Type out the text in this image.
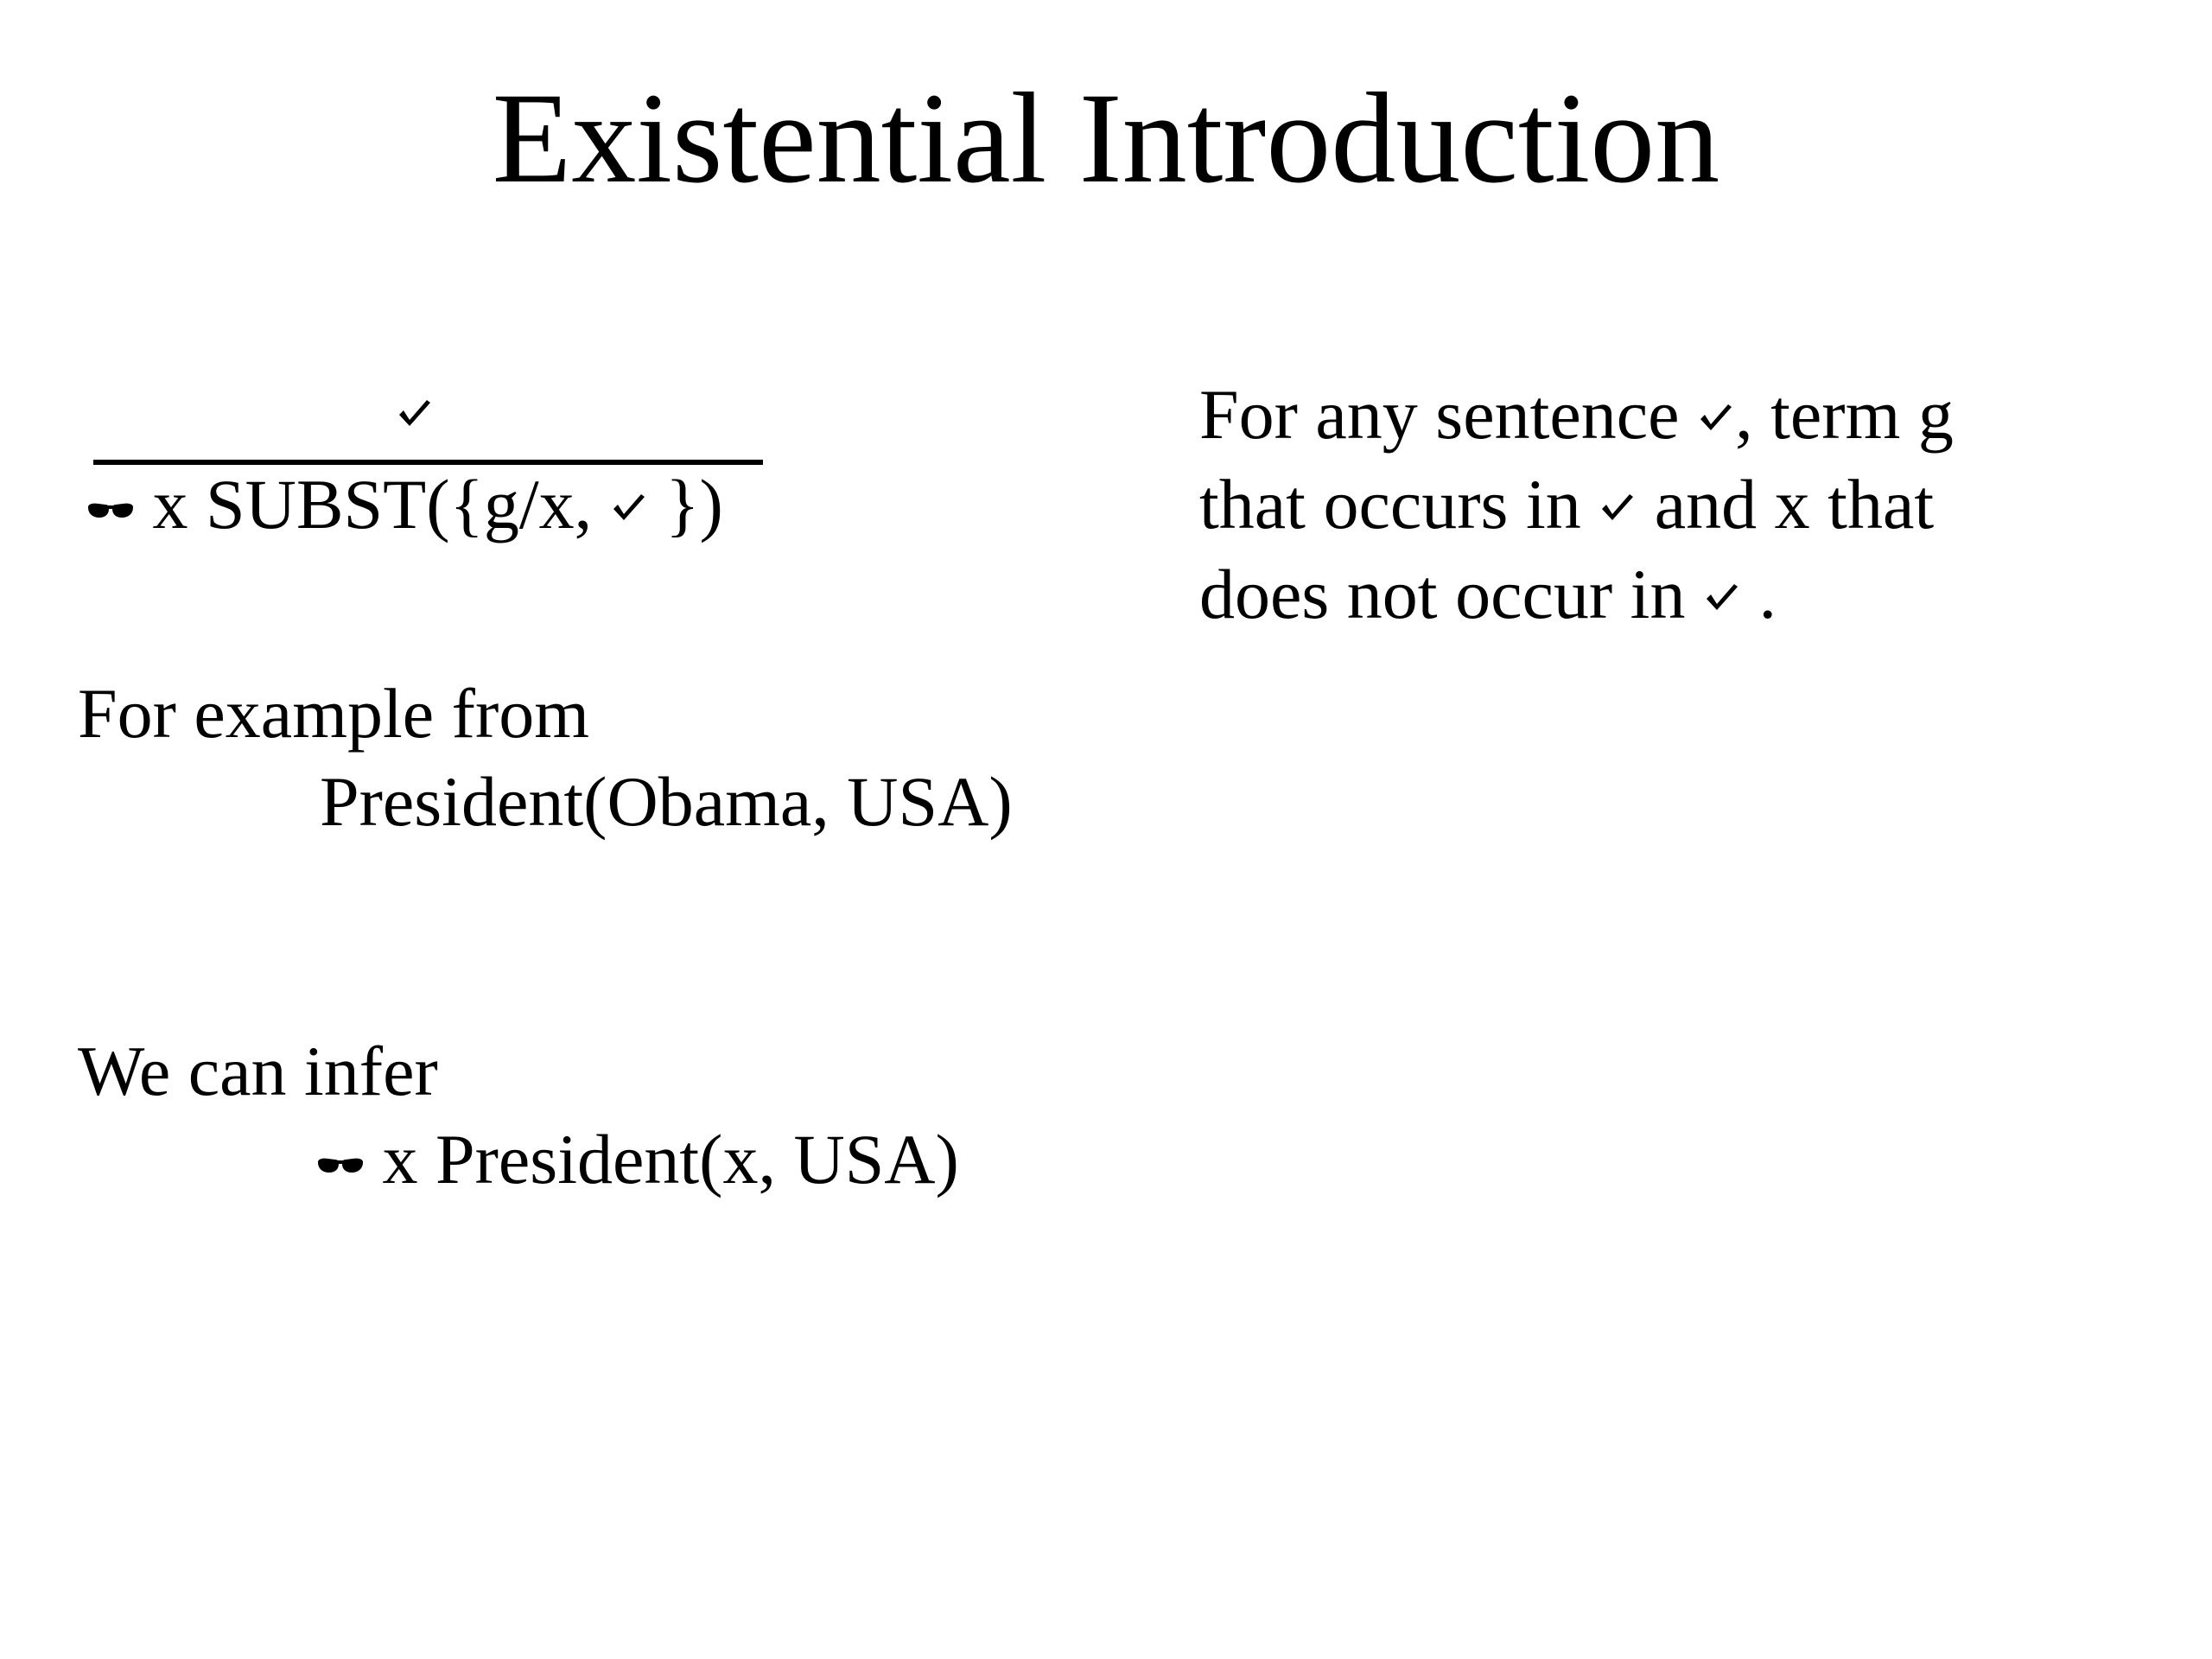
Existential Introduction
x SUBST({g/x,
})
For any sentence
, term g
that occurs in
and x that
does not occur in
.
For example from
President(Obama, USA)
We can infer
x President(x, USA)
